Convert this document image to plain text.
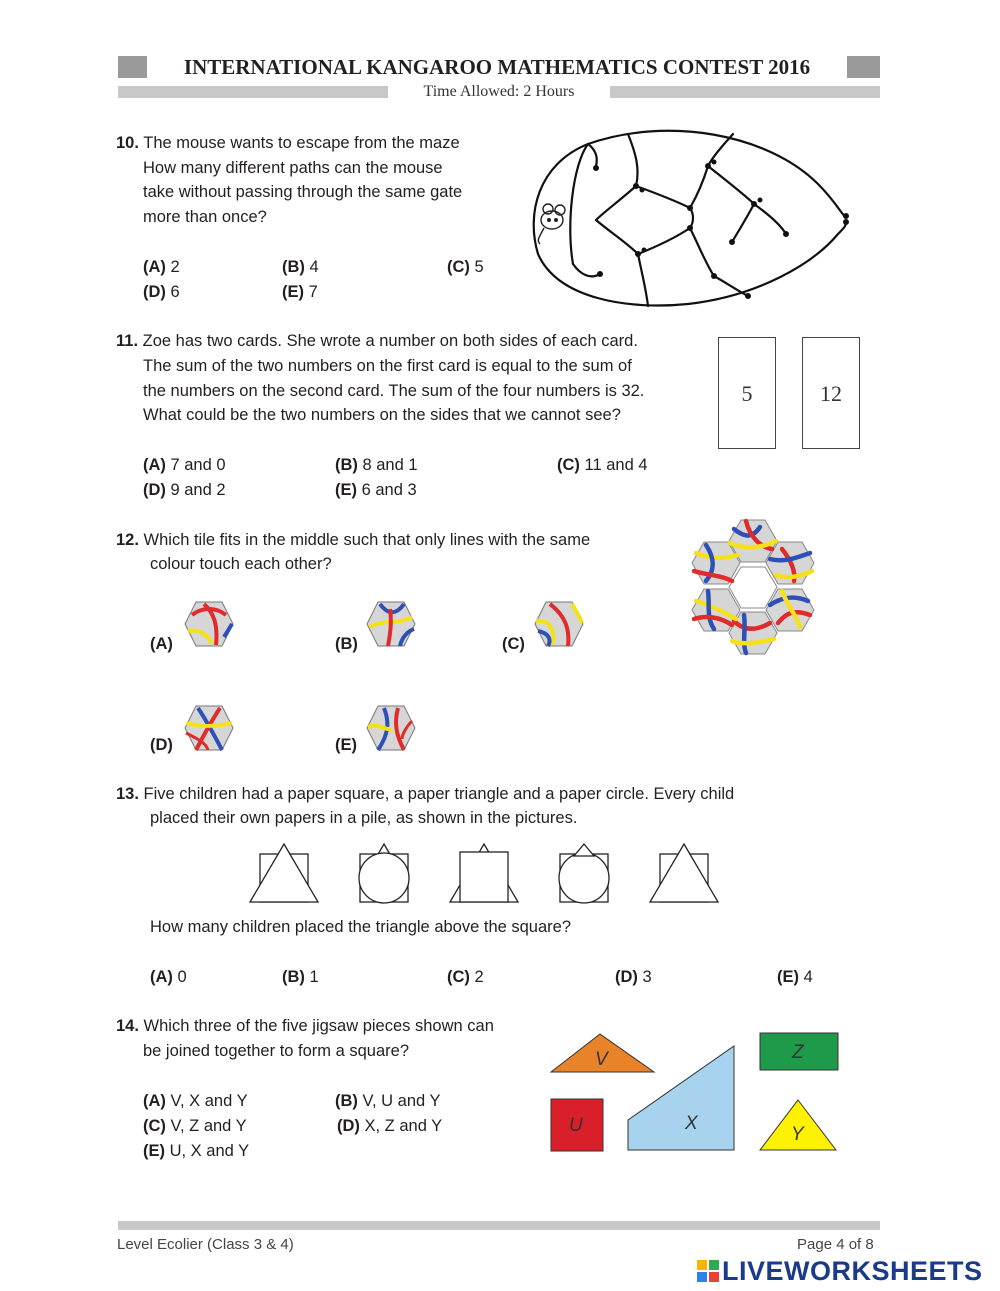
INTERNATIONAL KANGAROO MATHEMATICS CONTEST 2016
Time Allowed: 2 Hours
10. The mouse wants to escape from the maze
How many different paths can the mouse
take without passing through the same gate
more than once?
(A) 2	(B) 4	(C) 5
(D) 6	(E) 7
11. Zoe has two cards. She wrote a number on both sides of each card.
The sum of the two numbers on the first card is equal to the sum of
the numbers on the second card. The sum of the four numbers is 32.
What could be the two numbers on the sides that we cannot see?
5	12
(A) 7 and 0	(B) 8 and 1	(C) 11 and 4
(D) 9 and 2	(E) 6 and 3
12. Which tile fits in the middle such that only lines with the same
colour touch each other?
(A)	(B)	(C)
(D)	(E)
13. Five children had a paper square, a paper triangle and a paper circle. Every child
placed their own papers in a pile, as shown in the pictures.
How many children placed the triangle above the square?
(A) 0	(B) 1	(C) 2	(D) 3	(E) 4
14. Which three of the five jigsaw pieces shown can
be joined together to form a square?
(A) V, X and Y	(B) V, U and Y
(C) V, Z and Y	(D) X, Z and Y
(E) U, X and Y
V	Z
U	X
Y
Level Ecolier (Class 3 & 4)	Page 4 of 8
LIVEWORKSHEETS
